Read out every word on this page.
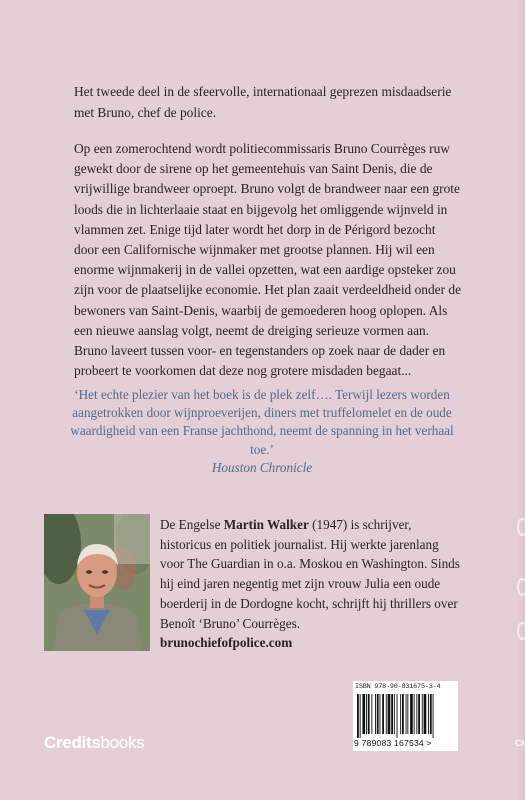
Het tweede deel in de sfeervolle, internationaal geprezen misdaadserie met Bruno, chef de police.

Op een zomerochtend wordt politiecommissaris Bruno Courrèges ruw gewekt door de sirene op het gemeentehuis van Saint Denis, die de vrijwillige brandweer oproept. Bruno volgt de brandweer naar een grote loods die in lichterlaaie staat en bijgevolg het omliggende wijnveld in vlammen zet. Enige tijd later wordt het dorp in de Périgord bezocht door een Californische wijnmaker met grootse plannen. Hij wil een enorme wijnmakerij in de vallei opzetten, wat een aardige opsteker zou zijn voor de plaatselijke economie. Het plan zaait verdeeldheid onder de bewoners van Saint-Denis, waarbij de gemoederen hoog oplopen. Als een nieuwe aanslag volgt, neemt de dreiging serieuze vormen aan. Bruno laveert tussen voor- en tegenstanders op zoek naar de dader en probeert te voorkomen dat deze nog grotere misdaden begaat...

‘Het echte plezier van het boek is de plek zelf…. Terwijl lezers worden aangetrokken door wijnproeverijen, diners met truffelomelet en de oude waardigheid van een Franse jachthond, neemt de spanning in het verhaal toe.’
Houston Chronicle
De Engelse Martin Walker (1947) is schrijver, historicus en politiek journalist. Hij werkte jarenlang voor The Guardian in o.a. Moskou en Washington. Sinds hij eind jaren negentig met zijn vrouw Julia een oude boerderij in de Dordogne kocht, schrijft hij thrillers over Benoît ‘Bruno’ Courrèges.
brunochiefofpolice.com
Creditsbooks
ISBN 978-90-831675-3-4
9 789083 167534 >	Cr
